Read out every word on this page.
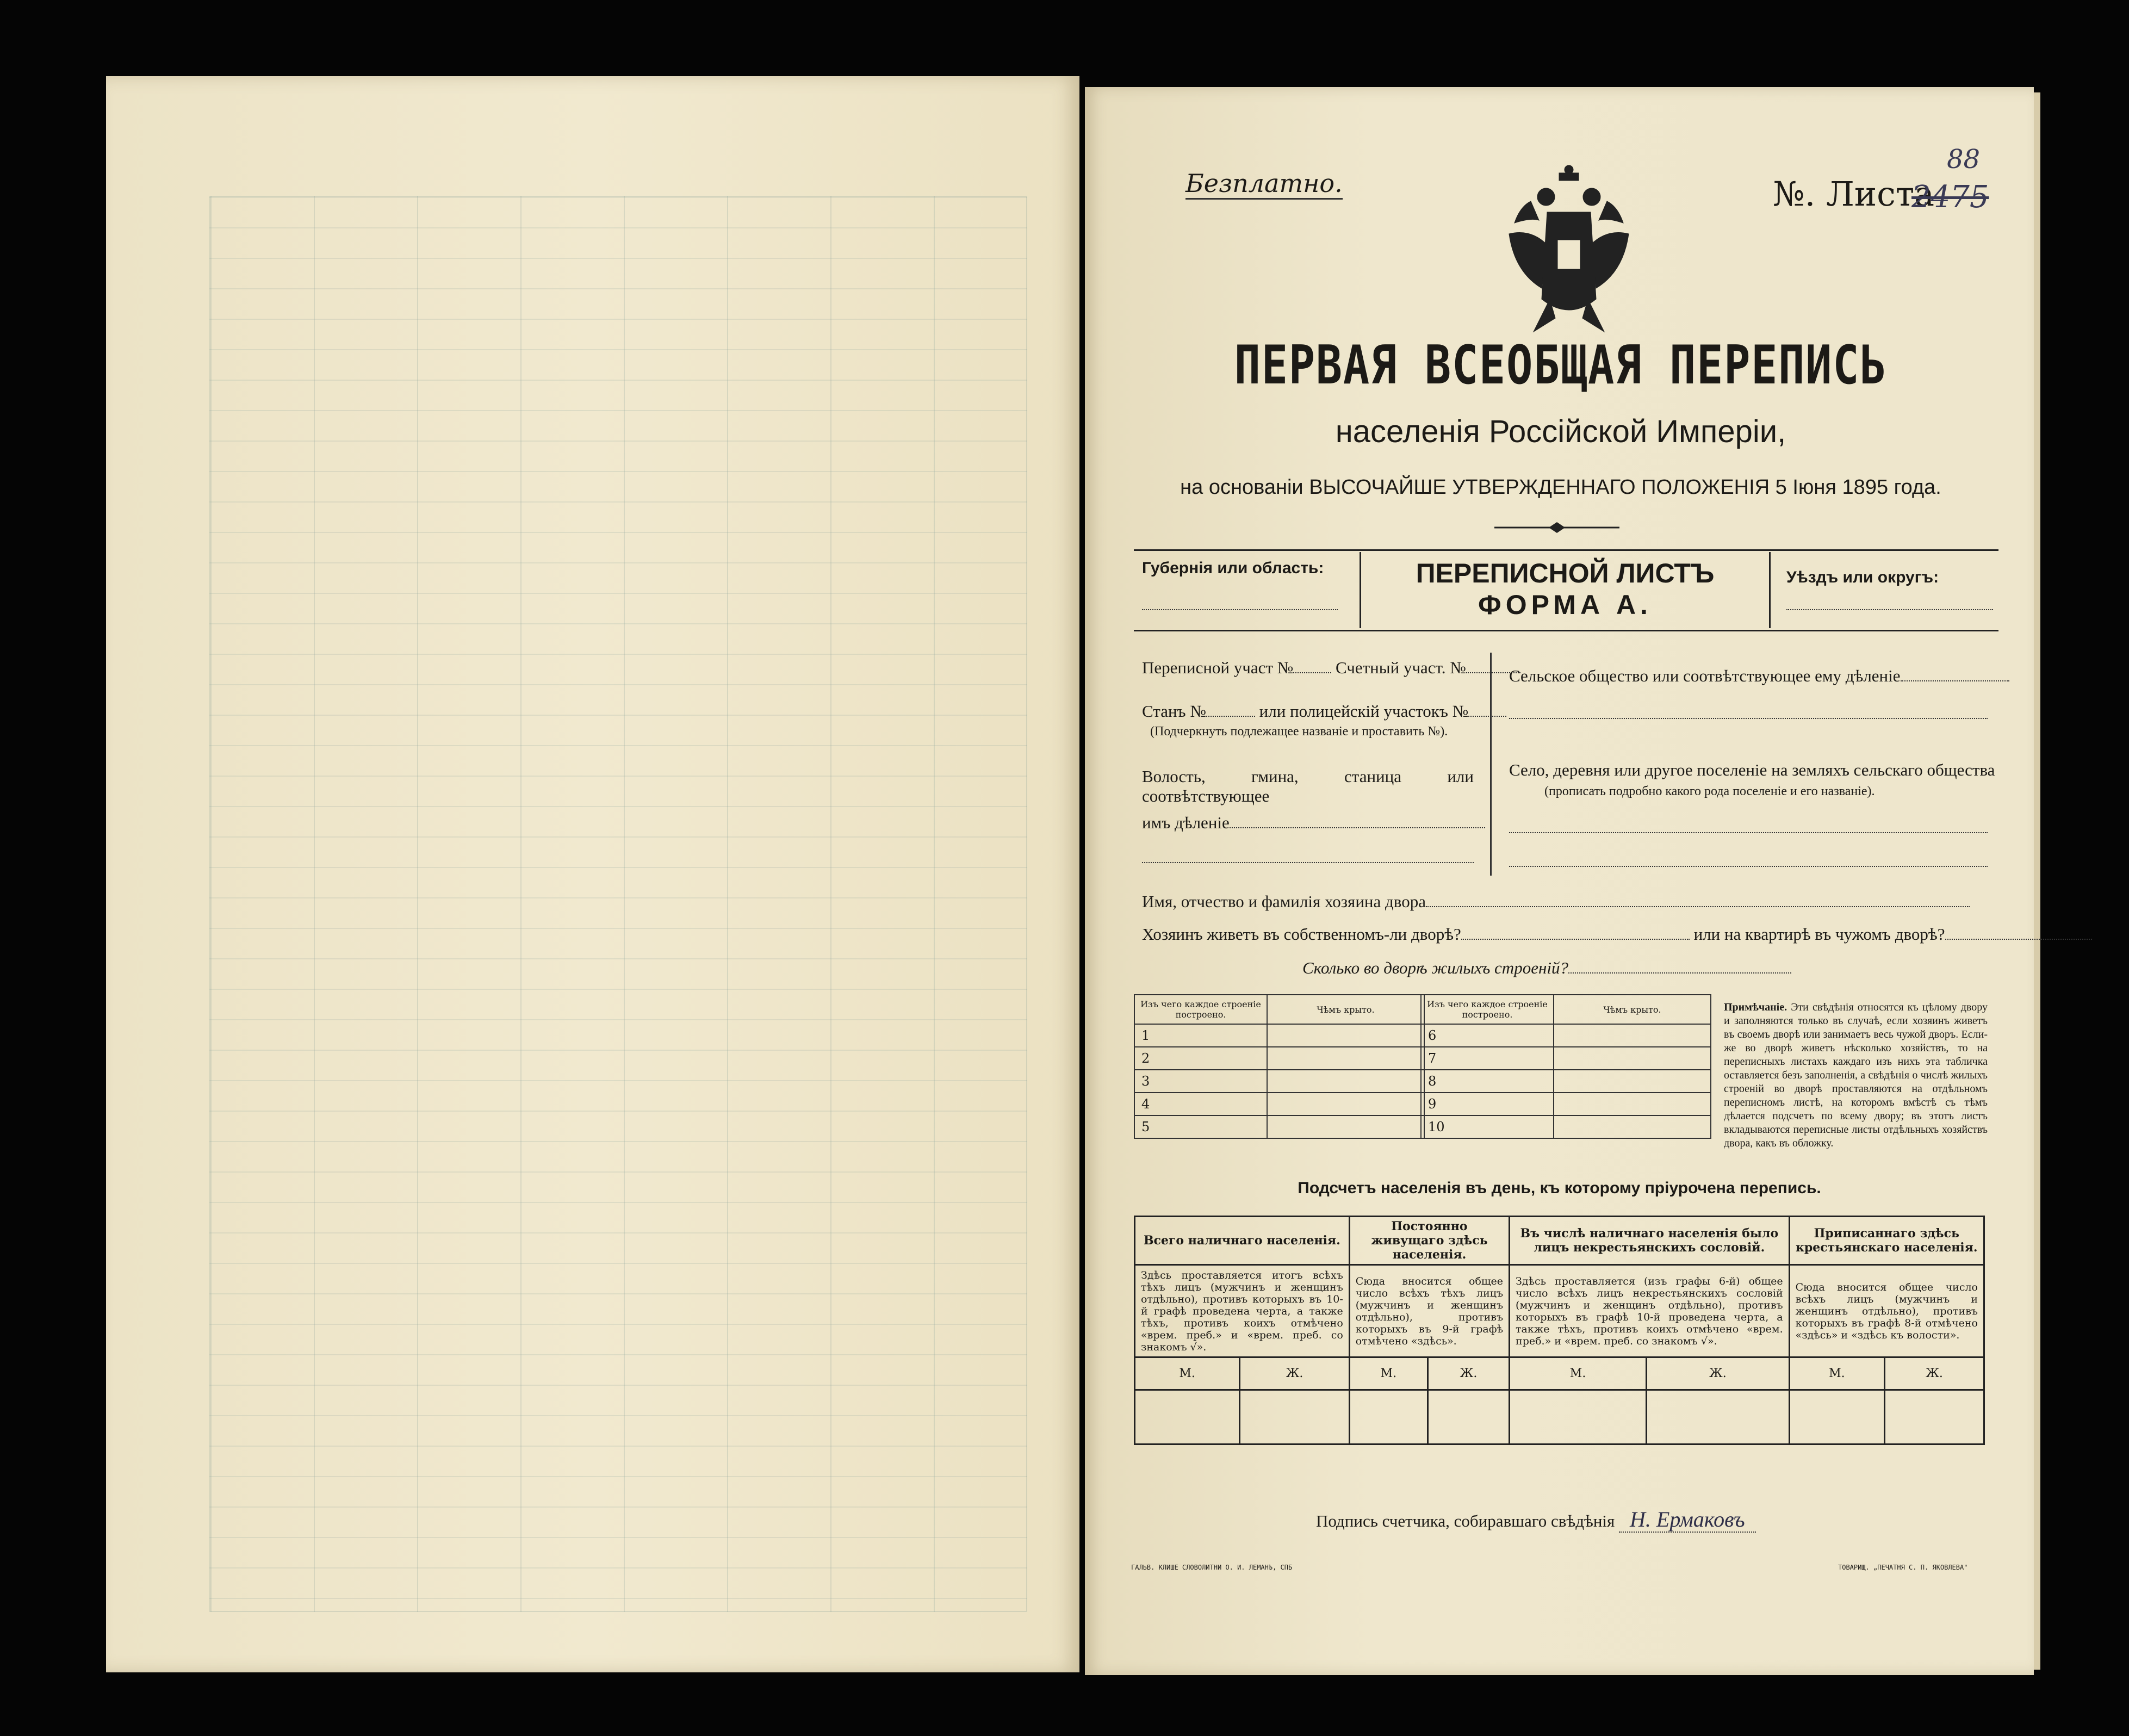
Безплатно.	№. Листа
88
2475
ПЕРВАЯ ВСЕОБЩАЯ ПЕРЕПИСЬ
населенія Россійской Имперіи,
на основаніи ВЫСОЧАЙШЕ УТВЕРЖДЕННАГО ПОЛОЖЕНІЯ 5 Іюня 1895 года.
Губернія или область:	ПЕРЕПИСНОЙ ЛИСТЪ
ФОРМА А.
Уѣздъ или округъ:
Переписной участ №	Счетный участ. №
Станъ №	или полицейскій участокъ №
(Подчеркнуть подлежащее названіе и проставить №).
Волость, гмина, станица или соотвѣтствующее
имъ дѣленіе
Сельское общество или соотвѣтствующее ему дѣленіе
Село, деревня или другое поселеніе на земляхъ сельскаго общества
(прописать подробно какого рода поселеніе и его названіе).
Имя, отчество и фамилія хозяина двора
Хозяинъ живетъ въ собственномъ-ли дворѣ?	или на квартирѣ въ чужомъ дворѣ?
Сколько во дворѣ жилыхъ строеній?
Изъ чего каждое строеніе построено.	Чѣмъ крыто.
1	
2	
3	
4	
5	
Изъ чего каждое строеніе построено.	Чѣмъ крыто.
6	
7	
8	
9	
10	
Примѣчаніе. Эти свѣдѣнія относятся къ цѣлому двору и заполняются только въ случаѣ, если хозяинъ живетъ въ своемъ дворѣ или занимаетъ весь чужой дворъ. Если-же во дворѣ живетъ нѣсколько хозяйствъ, то на переписныхъ листахъ каждаго изъ нихъ эта табличка оставляется безъ заполненія, а свѣдѣнія о числѣ жилыхъ строеній во дворѣ проставляются на отдѣльномъ переписномъ листѣ, на которомъ вмѣстѣ съ тѣмъ дѣлается подсчетъ по всему двору; въ этотъ листъ вкладываются переписные листы отдѣльныхъ хозяйствъ двора, какъ въ обложку.
Подсчетъ населенія въ день, къ которому пріурочена перепись.
Всего наличнаго населенія.		Постоянно живущаго здѣсь населенія.		Въ числѣ наличнаго населенія было лицъ некрестьянскихъ сословій.		Приписаннаго здѣсь крестьянскаго населенія.	
Здѣсь проставляется итогъ всѣхъ тѣхъ лицъ (мужчинъ и женщинъ отдѣльно), противъ которыхъ въ 10-й графѣ проведена черта, а также тѣхъ, противъ коихъ отмѣчено «врем. преб.» и «врем. преб. со знакомъ √».		Сюда вносится общее число всѣхъ тѣхъ лицъ (мужчинъ и женщинъ отдѣльно), противъ которыхъ въ 9-й графѣ отмѣчено «здѣсь».		Здѣсь проставляется (изъ графы 6-й) общее число всѣхъ лицъ некрестьянскихъ сословій (мужчинъ и женщинъ отдѣльно), противъ которыхъ въ графѣ 10-й проведена черта, а также тѣхъ, противъ коихъ отмѣчено «врем. преб.» и «врем. преб. со знакомъ √».		Сюда вносится общее число всѣхъ лицъ (мужчинъ и женщинъ отдѣльно), противъ которыхъ въ графѣ 8-й отмѣчено «здѣсь» и «здѣсь къ волости».	
М.	Ж.	М.	Ж.	М.	Ж.	М.	Ж.

Подпись счетчика, собиравшаго свѣдѣнія Н. Ермаковъ
ГАЛЬВ. КЛИШЕ СЛОВОЛИТНИ О. И. ЛЕМАНЪ, СПБ	ТОВАРИЩ. „ПЕЧАТНЯ С. П. ЯКОВЛЕВА"
